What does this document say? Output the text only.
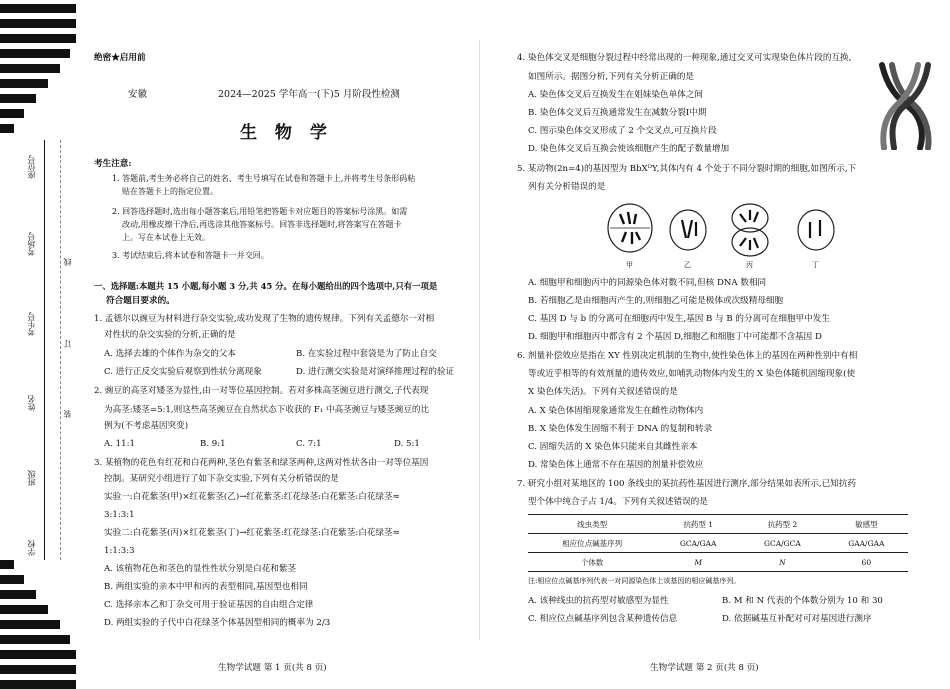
座位号
考场号
考生号
姓名
班级
学校
线
订
装
绝密★启用前
安徽	2024—2025 学年高一(下)5 月阶段性检测
生 物 学
考生注意:
1. 答题前,考生务必将自己的姓名、考生号填写在试卷和答题卡上,并将考生号条形码粘
贴在答题卡上的指定位置。
2. 回答选择题时,选出每小题答案后,用铅笔把答题卡对应题目的答案标号涂黑。如需
改动,用橡皮擦干净后,再选涂其他答案标号。回答非选择题时,将答案写在答题卡
上。写在本试卷上无效。
3. 考试结束后,将本试卷和答题卡一并交回。
一、选择题:本题共 15 小题,每小题 3 分,共 45 分。在每小题给出的四个选项中,只有一项是
符合题目要求的。
1. 孟德尔以豌豆为材料进行杂交实验,成功发现了生物的遗传规律。下列有关孟德尔一对相
对性状的杂交实验的分析,正确的是
A. 选择去雄的个体作为杂交的父本	B. 在实验过程中套袋是为了防止自交
C. 进行正反交实验后观察到性状分离现象	D. 进行测交实验是对演绎推理过程的验证
2. 豌豆的高茎对矮茎为显性,由一对等位基因控制。若对多株高茎豌豆进行测交,子代表现
为高茎:矮茎=5:1,则这些高茎豌豆在自然状态下收获的 F₁ 中高茎豌豆与矮茎豌豆的比
例为(不考虑基因突变)
A. 11:1	B. 9:1	C. 7:1	D. 5:1
3. 某植物的花色有红花和白花两种,茎色有紫茎和绿茎两种,这两对性状各由一对等位基因
控制。某研究小组进行了如下杂交实验,下列有关分析错误的是
实验一:白花紫茎(甲)×红花紫茎(乙)→红花紫茎:红花绿茎:白花紫茎:白花绿茎≈
3:1:3:1
实验二:白花紫茎(丙)×红花紫茎(丁)→红花紫茎:红花绿茎:白花紫茎:白花绿茎≈
1:1:3:3
A. 该植物花色和茎色的显性性状分别是白花和紫茎
B. 两组实验的亲本中甲和丙的表型相同,基因型也相同
C. 选择亲本乙和丁杂交可用于验证基因的自由组合定律
D. 两组实验的子代中白花绿茎个体基因型相同的概率为 2/3
生物学试题 第 1 页(共 8 页)
4. 染色体交叉是细胞分裂过程中经常出现的一种现象,通过交叉可实现染色体片段的互换,
如图所示。据图分析,下列有关分析正确的是
A. 染色体交叉后互换发生在姐妹染色单体之间
B. 染色体交叉后互换通常发生在减数分裂Ⅰ中期
C. 图示染色体交叉形成了 2 个交叉点,可互换片段
D. 染色体交叉后互换会使该细胞产生的配子数量增加
5. 某动物(2n=4)的基因型为 BbXᴰY,其体内有 4 个处于不同分裂时期的细胞,如图所示,下
列有关分析错误的是
甲	乙	丙	丁
A. 细胞甲和细胞丙中的同源染色体对数不同,但核 DNA 数相同
B. 若细胞乙是由细胞丙产生的,则细胞乙可能是极体或次级精母细胞
C. 基因 D 与 b 的分离可在细胞丙中发生,基因 B 与 B 的分离可在细胞甲中发生
D. 细胞甲和细胞丙中都含有 2 个基因 D,细胞乙和细胞丁中可能都不含基因 D
6. 剂量补偿效应是指在 XY 性别决定机制的生物中,使性染色体上的基因在两种性别中有相
等或近乎相等的有效剂量的遗传效应,如哺乳动物体内发生的 X 染色体随机固缩现象(使
X 染色体失活)。下列有关叙述错误的是
A. X 染色体固缩现象通常发生在雌性动物体内
B. X 染色体发生固缩不利于 DNA 的复制和转录
C. 固缩失活的 X 染色体只能来自其雌性亲本
D. 常染色体上通常不存在基因的剂量补偿效应
7. 研究小组对某地区的 100 条线虫的某抗药性基因进行测序,部分结果如表所示,已知抗药
型个体中纯合子占 1/4。下列有关叙述错误的是
线虫类型	抗药型 1	抗药型 2	敏感型
相应位点碱基序列	GCA/GAA	GCA/GCA	GAA/GAA
个体数	M	N	60
注:相应位点碱基序列代表一对同源染色体上该基因的相应碱基序列。
A. 该种线虫的抗药型对敏感型为显性	B. M 和 N 代表的个体数分别为 10 和 30
C. 相应位点碱基序列包含某种遗传信息	D. 依据碱基互补配对可对基因进行测序
生物学试题 第 2 页(共 8 页)
